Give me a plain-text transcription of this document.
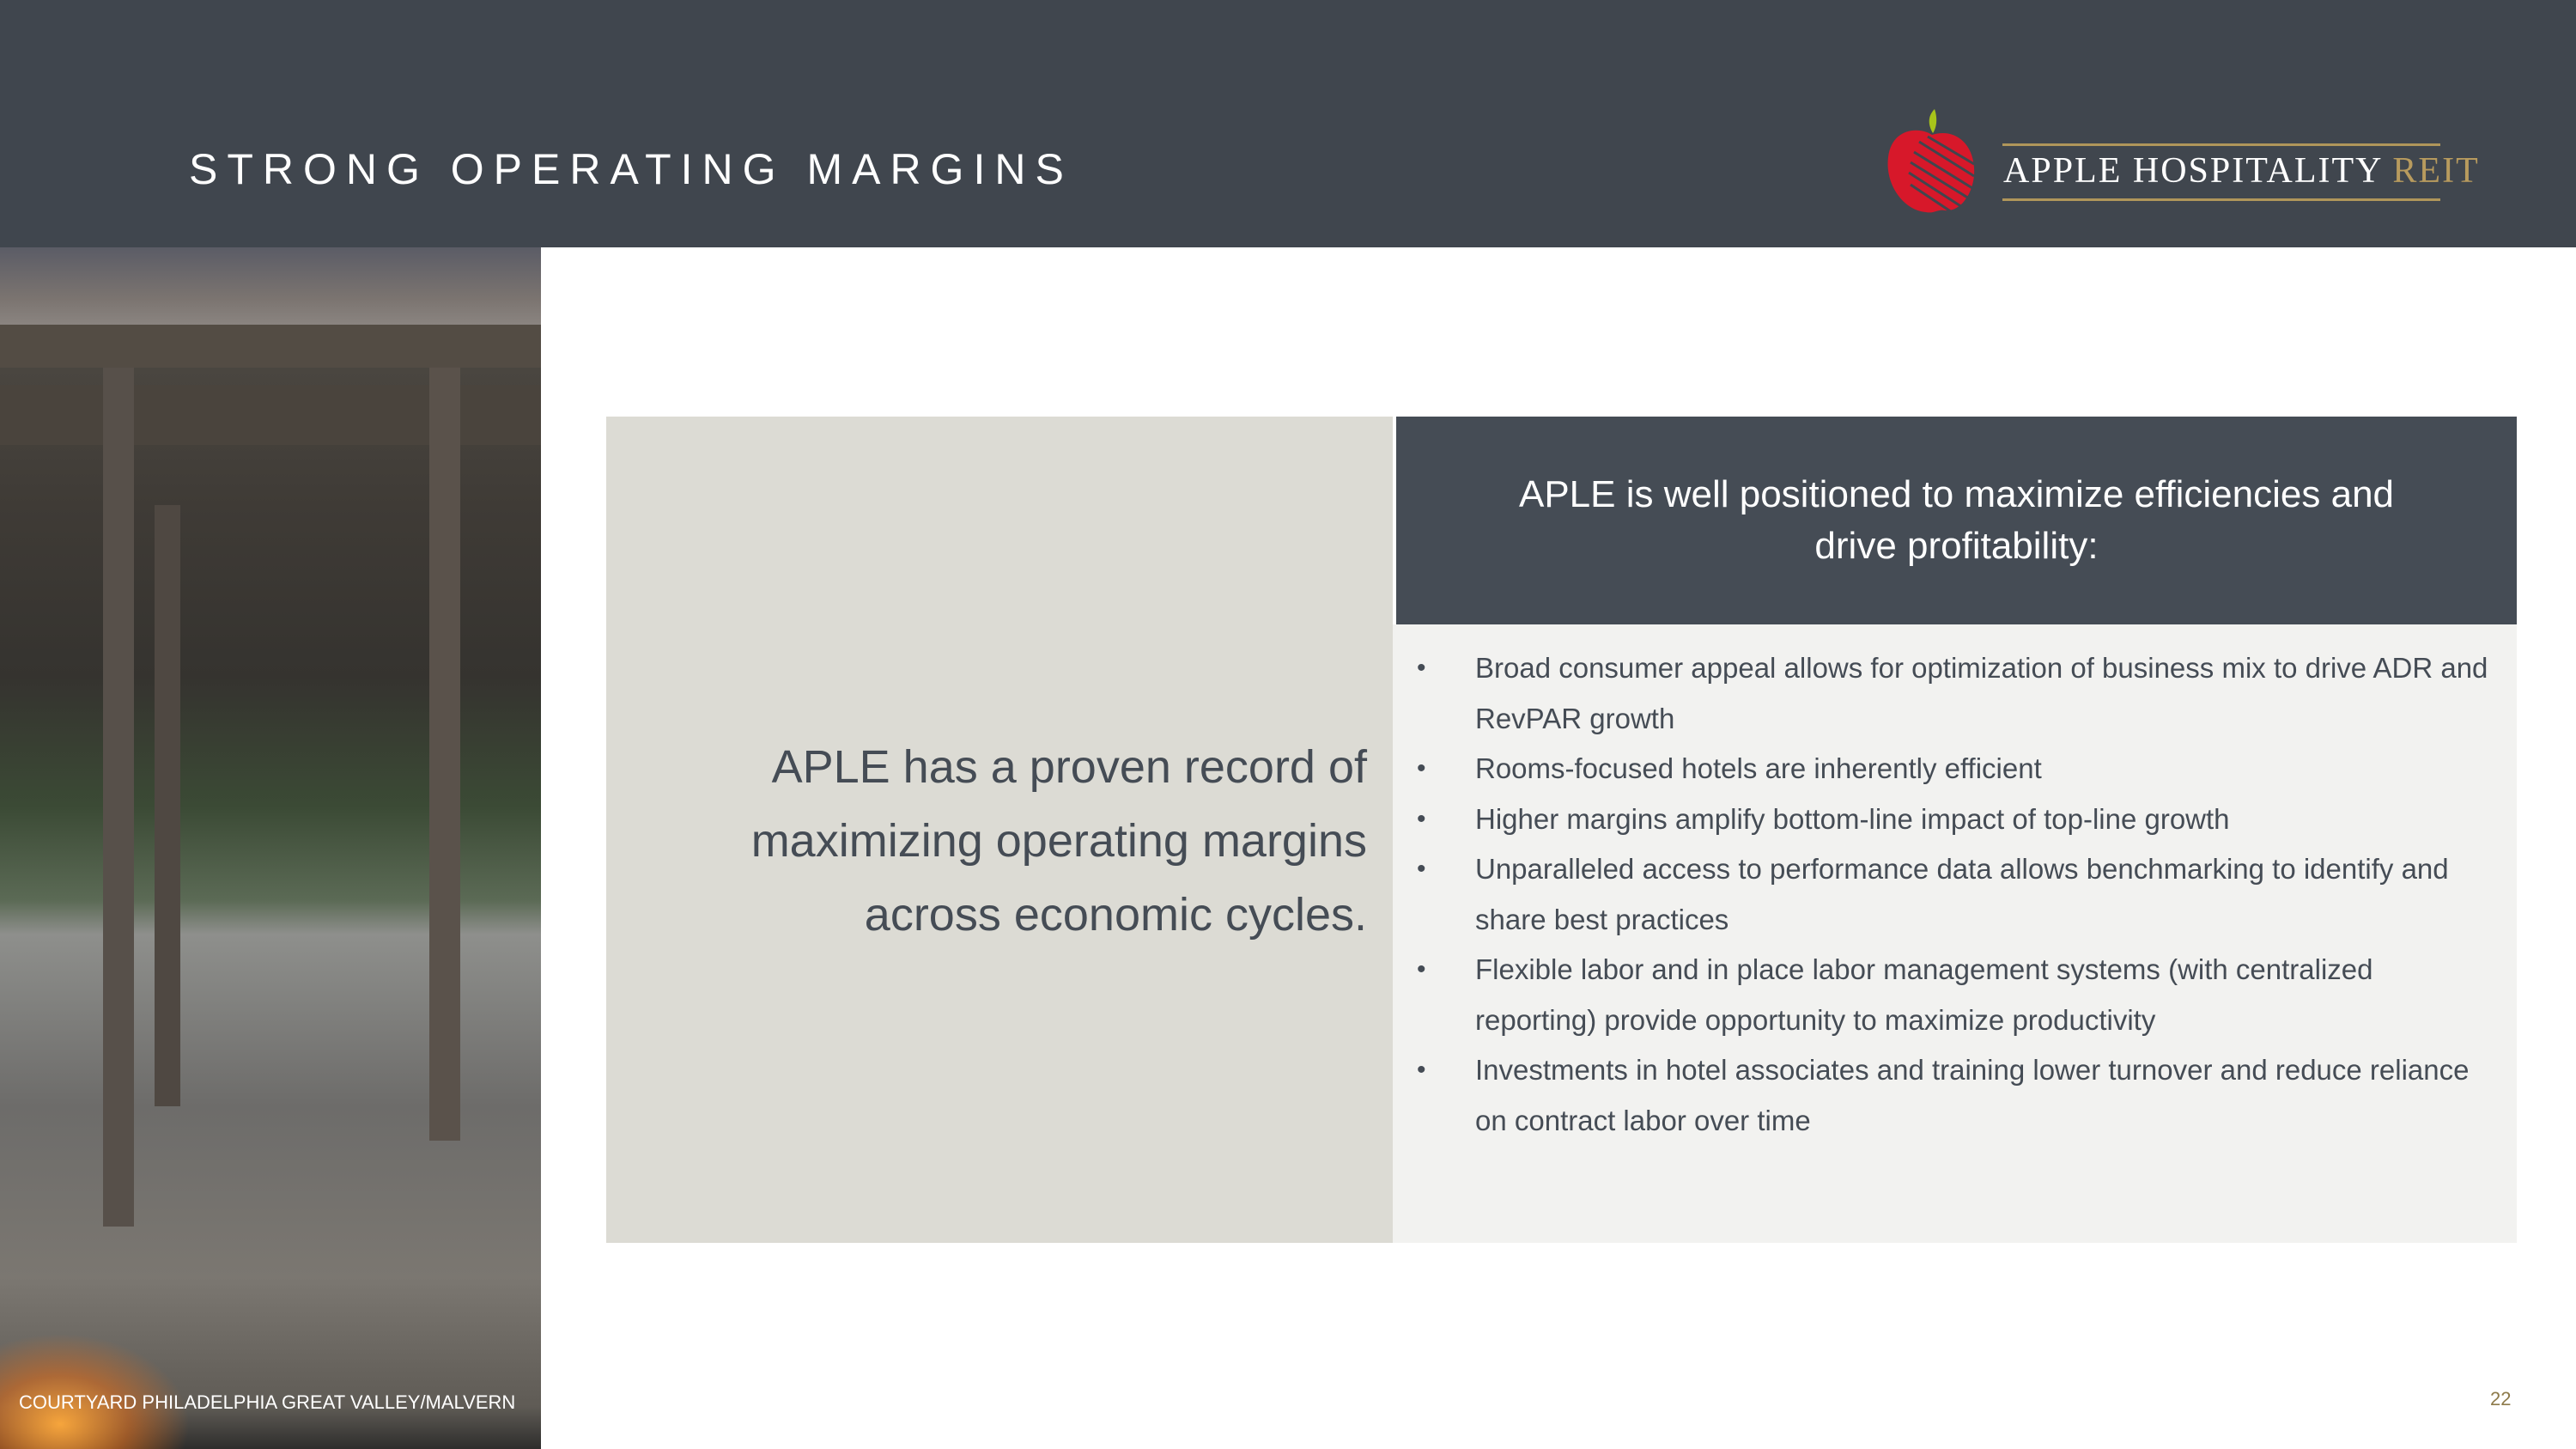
STRONG OPERATING MARGINS	APPLE HOSPITALITY REIT
COURTYARD PHILADELPHIA GREAT VALLEY/MALVERN
APLE has a proven record of maximizing operating margins across economic cycles.
APLE is well positioned to maximize efficiencies and drive profitability:
• Broad consumer appeal allows for optimization of business mix to drive ADR and RevPAR growth
• Rooms-focused hotels are inherently efficient
• Higher margins amplify bottom-line impact of top-line growth
• Unparalleled access to performance data allows benchmarking to identify and share best practices
• Flexible labor and in place labor management systems (with centralized reporting) provide opportunity to maximize productivity
• Investments in hotel associates and training lower turnover and reduce reliance on contract labor over time
22
